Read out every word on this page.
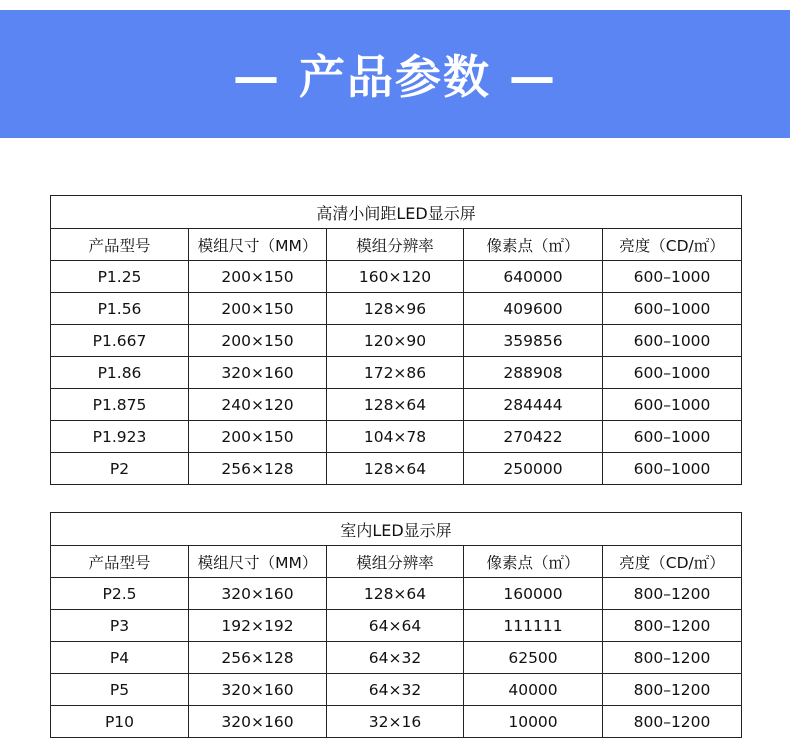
— 产品参数 —
高清小间距LED显示屏				
产品型号	模组尺寸（MM）	模组分辨率	像素点（㎡）	亮度（CD/㎡）
P1.25	200×150	160×120	640000	600–1000
P1.56	200×150	128×96	409600	600–1000
P1.667	200×150	120×90	359856	600–1000
P1.86	320×160	172×86	288908	600–1000
P1.875	240×120	128×64	284444	600–1000
P1.923	200×150	104×78	270422	600–1000
P2	256×128	128×64	250000	600–1000
室内LED显示屏				
产品型号	模组尺寸（MM）	模组分辨率	像素点（㎡）	亮度（CD/㎡）
P2.5	320×160	128×64	160000	800–1200
P3	192×192	64×64	111111	800–1200
P4	256×128	64×32	62500	800–1200
P5	320×160	64×32	40000	800–1200
P10	320×160	32×16	10000	800–1200
